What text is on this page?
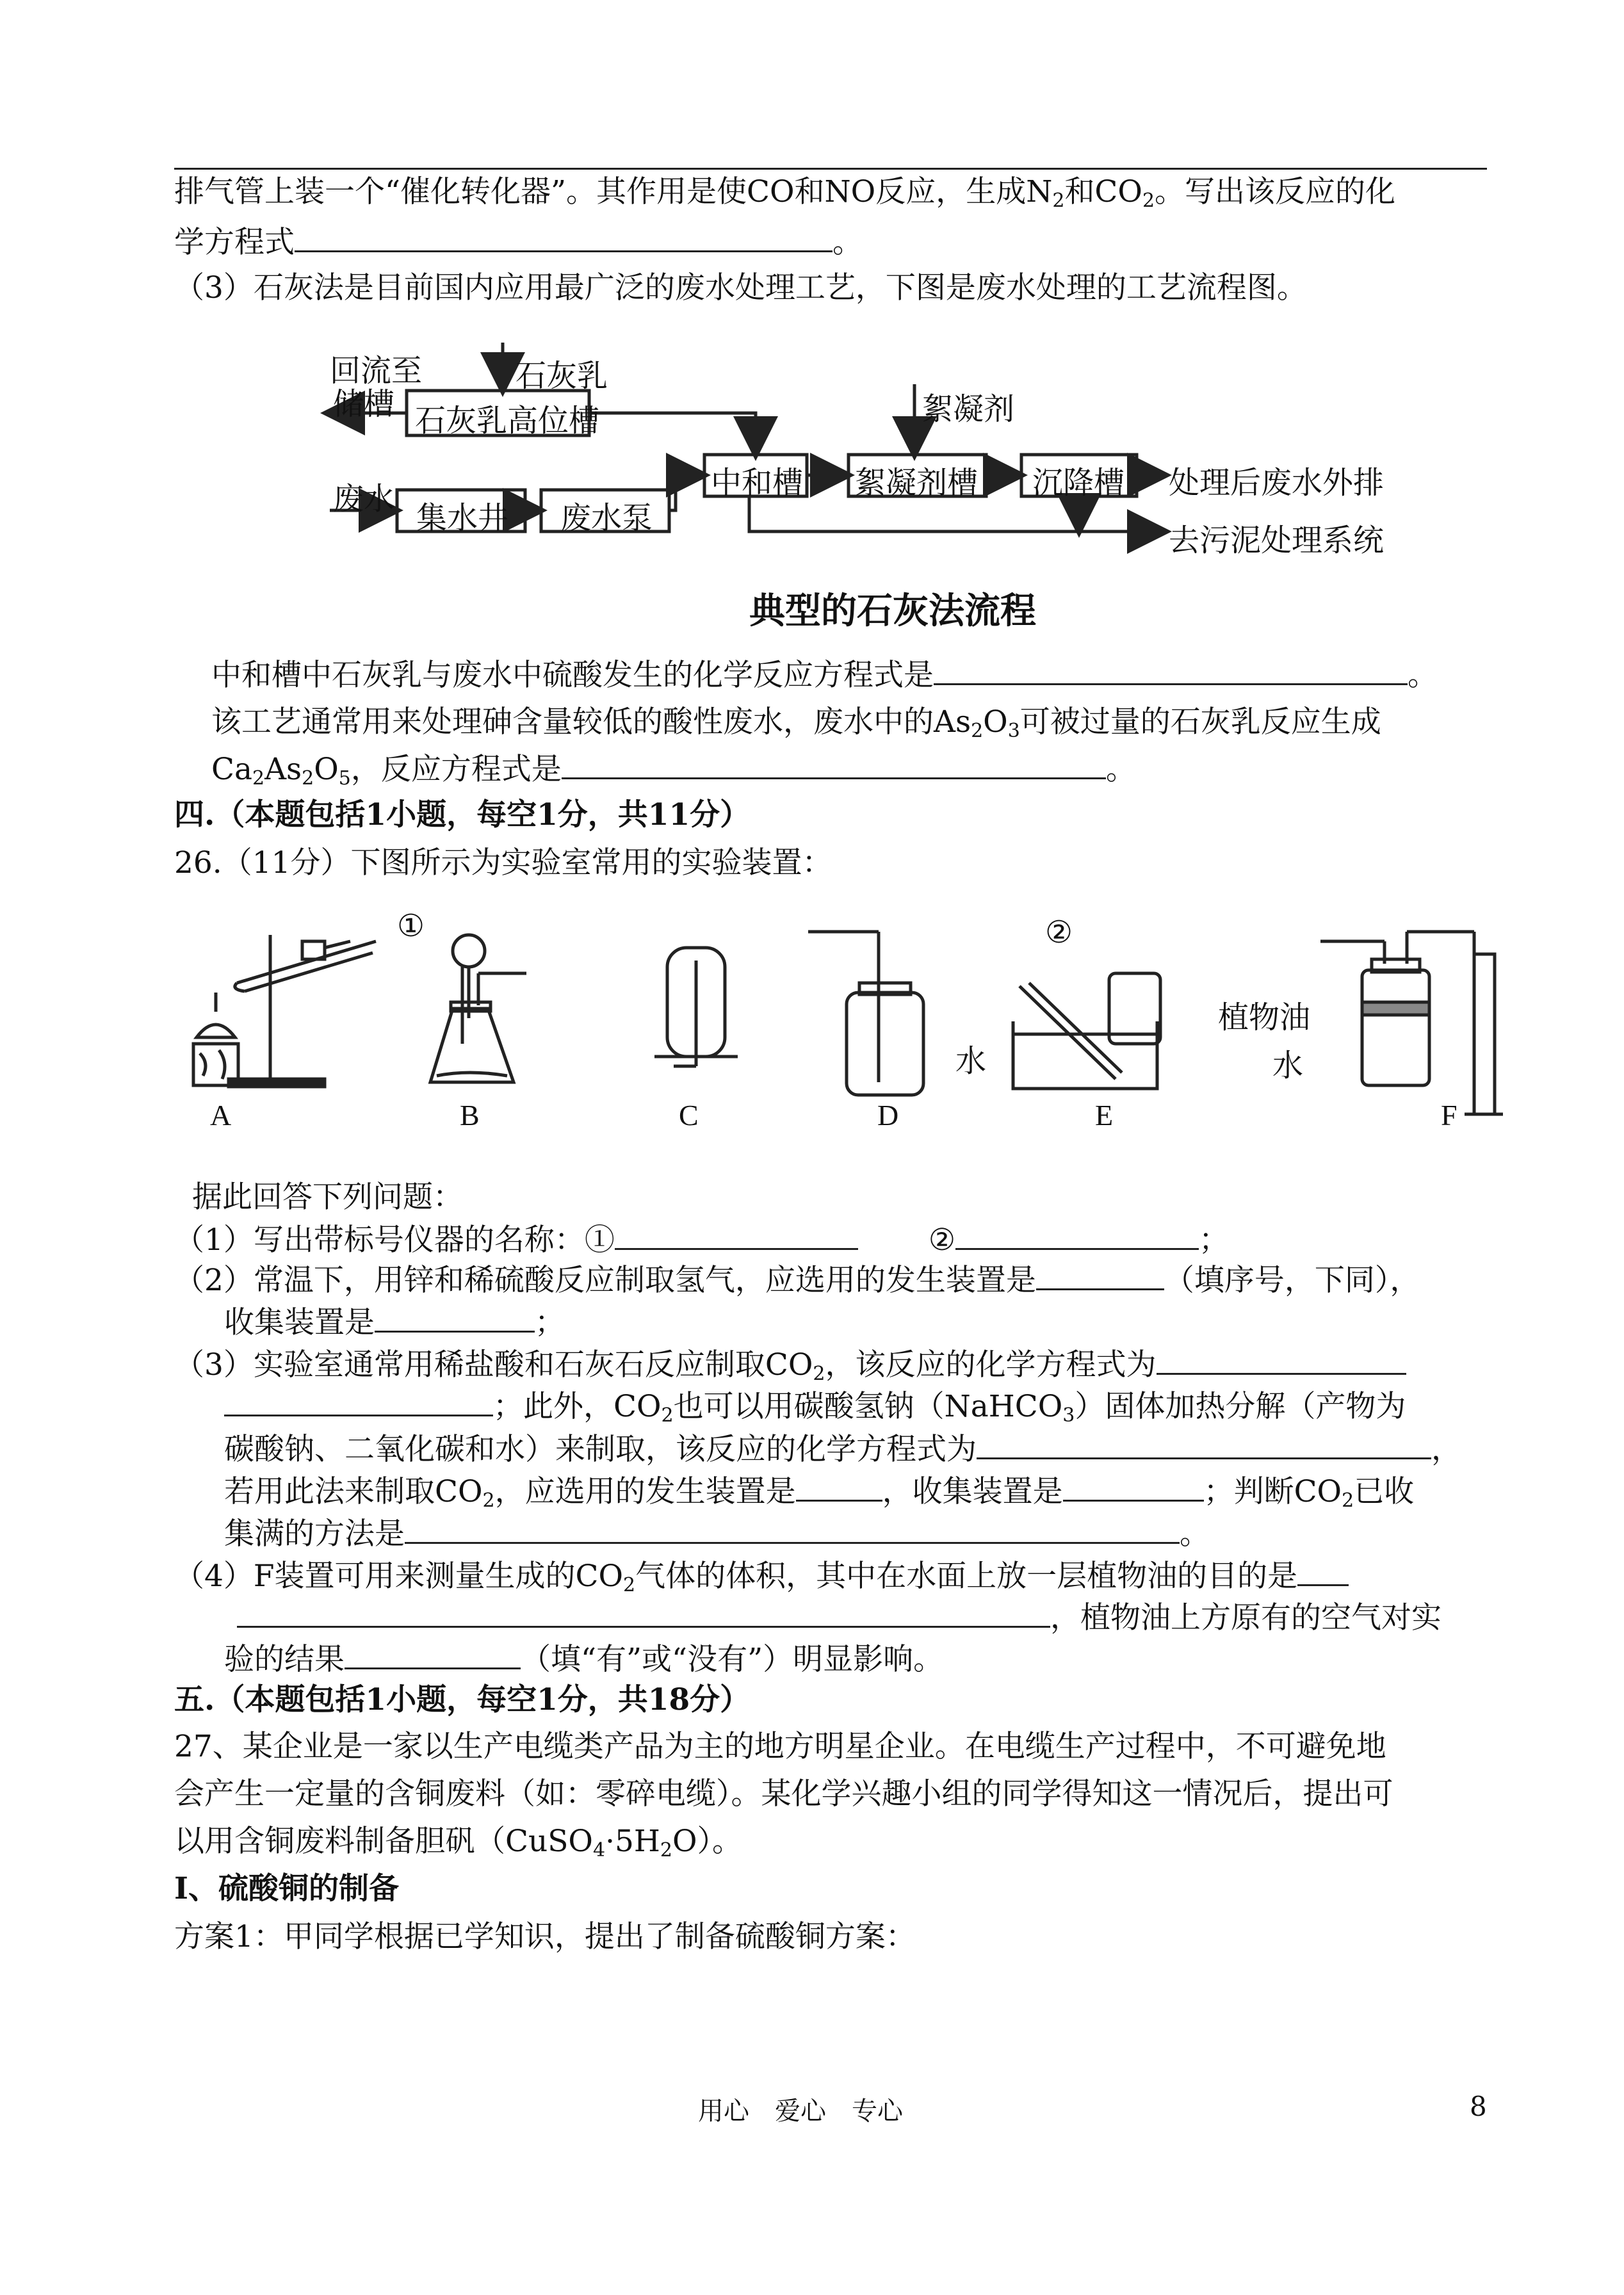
排气管上装一个“催化转化器”。其作用是使CO和NO反应，生成$N_2$和$CO_2$。写出该反应的化
学方程式	。
（3）石灰法是目前国内应用最广泛的废水处理工艺，下图是废水处理的工艺流程图。
回流至
储槽
石灰乳
石灰乳高位槽	絮凝剂
废水
集水井 废水泵
中和槽 絮凝剂槽 沉降槽 处理后废水外排
去污泥处理系统
典型的石灰法流程
中和槽中石灰乳与废水中硫酸发生的化学反应方程式是	。
该工艺通常用来处理砷含量较低的酸性废水，废水中的$As_2O_3$可被过量的石灰乳反应生成
$Ca_2As_2O_5$，反应方程式是	。
四.（本题包括1小题，每空1分，共11分）
26.（11分）下图所示为实验室常用的实验装置：
①	②
水
植物油
水
A	B	C	D	E	F
据此回答下列问题：
（1）写出带标号仪器的名称：①	②	；
（2）常温下，用锌和稀硫酸反应制取氢气，应选用的发生装置是	（填序号，下同），
收集装置是	；
（3）实验室通常用稀盐酸和石灰石反应制取$CO_2$，该反应的化学方程式为
；此外，$CO_2$也可以用碳酸氢钠（NaHCO$_3$）固体加热分解（产物为
碳酸钠、二氧化碳和水）来制取，该反应的化学方程式为	，
若用此法来制取$CO_2$，应选用的发生装置是	，收集装置是	；判断$CO_2$已收
集满的方法是	。
（4）F装置可用来测量生成的$CO_2$气体的体积，其中在水面上放一层植物油的目的是
，植物油上方原有的空气对实
验的结果	（填“有”或“没有”）明显影响。
五.（本题包括1小题，每空1分，共18分）
27、某企业是一家以生产电缆类产品为主的地方明星企业。在电缆生产过程中，不可避免地
会产生一定量的含铜废料（如：零碎电缆）。某化学兴趣小组的同学得知这一情况后，提出可
以用含铜废料制备胆矾$(CuSO_4\cdot 5H_2O)$。
Ⅰ、硫酸铜的制备
方案1：甲同学根据已学知识，提出了制备硫酸铜方案：
用心　爱心　专心	8
